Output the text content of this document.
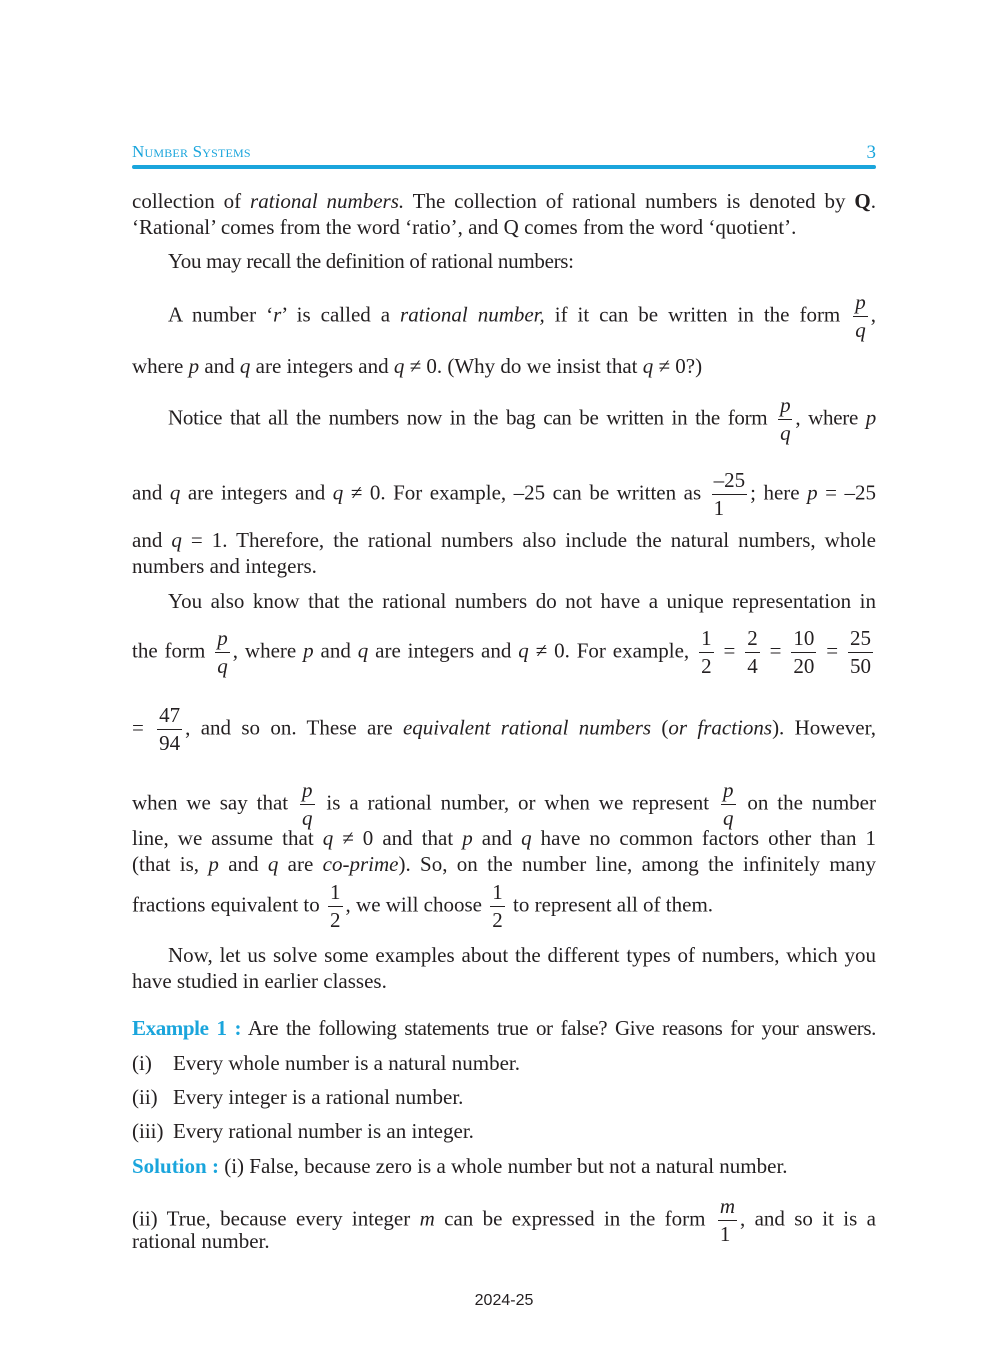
Number Systems	3
collection of rational numbers. The collection of rational numbers is denoted by Q.
‘Rational’ comes from the word ‘ratio’, and Q comes from the word ‘quotient’.
You may recall the definition of rational numbers:
A number ‘r’ is called a rational number, if it can be written in the form $\frac{p}{q}$ ,
where p and q are integers and q ≠ 0. (Why do we insist that q ≠ 0?)
Notice that all the numbers now in the bag can be written in the form $\frac{p}{q}$ , where p
and q are integers and q ≠ 0. For example, –25 can be written as $\frac{-25}{1}$ ; here p = –25
and q = 1. Therefore, the rational numbers also include the natural numbers, whole
numbers and integers.
You also know that the rational numbers do not have a unique representation in
the form $\frac{p}{q}$ , where p and q are integers and q ≠ 0. For example, $\frac{1}{2} = \frac{2}{4} = \frac{10}{20} = \frac{25}{50}$
= $\frac{47}{94}$ , and so on. These are equivalent rational numbers (or fractions). However,
when we say that $\frac{p}{q}$ is a rational number, or when we represent $\frac{p}{q}$ on the number
line, we assume that q ≠ 0 and that p and q have no common factors other than 1
(that is, p and q are co-prime). So, on the number line, among the infinitely many
fractions equivalent to $\frac{1}{2}$ , we will choose $\frac{1}{2}$ to represent all of them.
Now, let us solve some examples about the different types of numbers, which you
have studied in earlier classes.
Example 1 : Are the following statements true or false? Give reasons for your answers.
(i) Every whole number is a natural number.
(ii) Every integer is a rational number.
(iii) Every rational number is an integer.
Solution : (i) False, because zero is a whole number but not a natural number.
(ii) True, because every integer m can be expressed in the form $\frac{m}{1}$ , and so it is a
rational number.
2024-25
